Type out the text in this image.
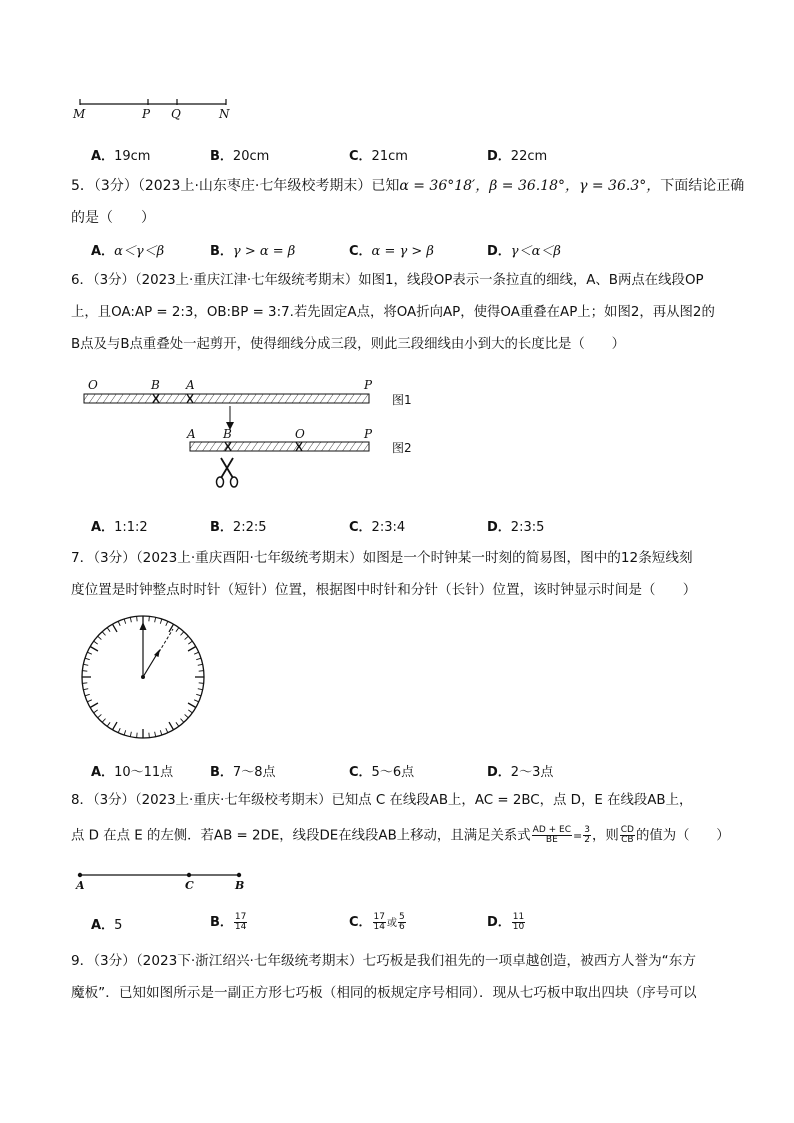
M	P Q	N
A．19cm	B．20cm	C．21cm	D．22cm
5．（3分）（2023上·山东枣庄·七年级校考期末）已知α = 36°18′，β = 36.18°，γ = 36.3°，下面结论正确
的是（　　）
A．α＜γ＜β	B．γ > α = β	C．α = γ > β	D．γ＜α＜β
6．（3分）（2023上·重庆江津·七年级统考期末）如图1，线段OP表示一条拉直的细线，A、B两点在线段OP
上，且OA:AP = 2:3，OB:BP = 3:7.若先固定A点，将OA折向AP，使得OA重叠在AP上；如图2，再从图2的
B点及与B点重叠处一起剪开，使得细线分成三段，则此三段细线由小到大的长度比是（　　）
O	B A	P
图1
A B	O	P
图2
A．1:1:2	B．2:2:5	C．2:3:4	D．2:3:5
7．（3分）（2023上·重庆酉阳·七年级统考期末）如图是一个时钟某一时刻的简易图，图中的12条短线刻
度位置是时钟整点时时针（短针）位置，根据图中时针和分针（长针）位置，该时钟显示时间是（　　）
A．10～11点	B．7～8点	C．5～6点	D．2～3点
8．（3分）（2023上·重庆·七年级校考期末）已知点 C 在线段AB上，AC = 2BC，点 D，E 在线段AB上，
点 D 在点 E 的左侧．若AB = 2DE，线段DE在线段AB上移动，且满足关系式 $\frac{AD + EC}{BE} = \frac{3}{2}$ ，则 $\frac{CD}{CB}$ 的值为（　　）
A	C	B
A．5	B． $\frac{17}{14}$	C． $\frac{17}{14}$ 或 $\frac{5}{6}$	D． $\frac{11}{10}$
9．（3分）（2023下·浙江绍兴·七年级统考期末）七巧板是我们祖先的一项卓越创造，被西方人誉为“东方
魔板”．已知如图所示是一副正方形七巧板（相同的板规定序号相同）．现从七巧板中取出四块（序号可以
